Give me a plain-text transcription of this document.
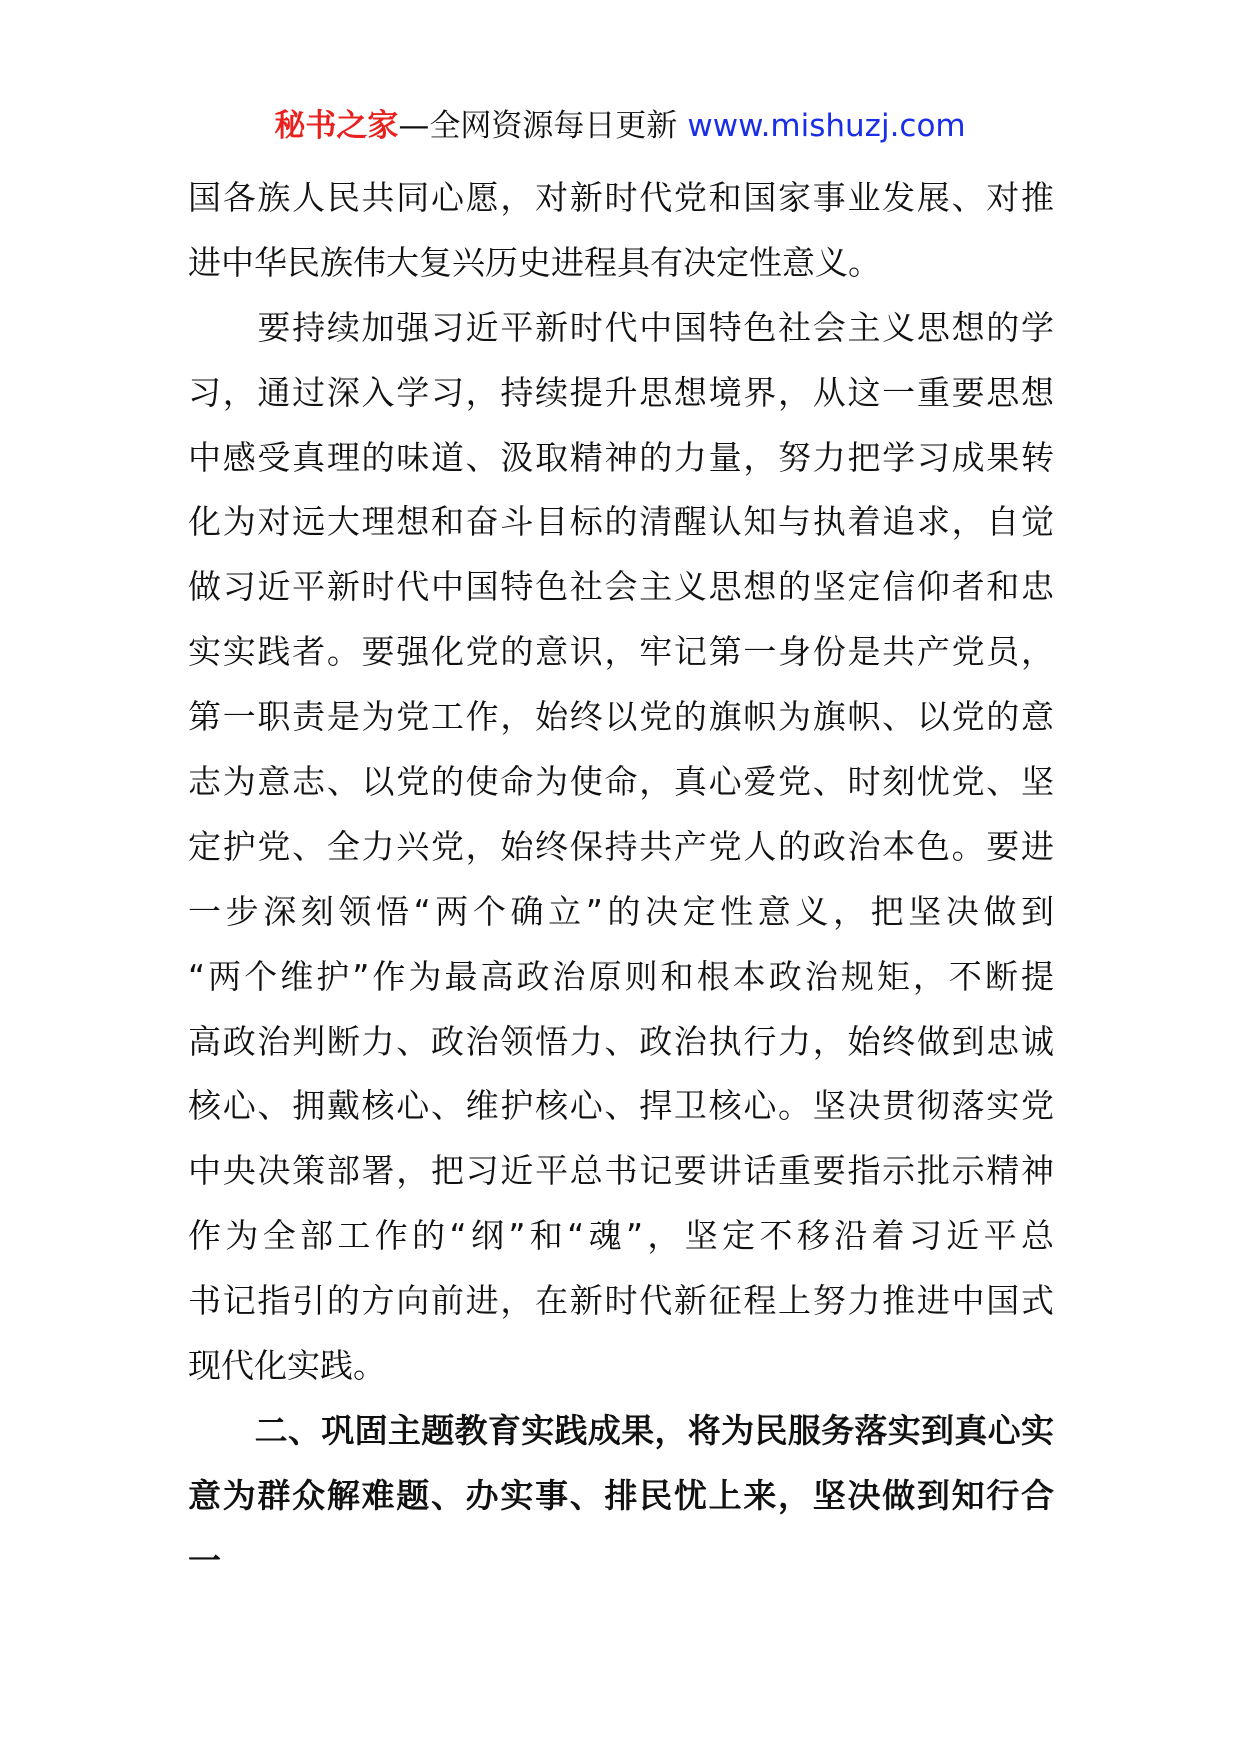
秘书之家—全网资源每日更新 www.mishuzj.com
国各族人民共同心愿，对新时代党和国家事业发展、对推
进中华民族伟大复兴历史进程具有决定性意义。
　　要持续加强习近平新时代中国特色社会主义思想的学
习，通过深入学习，持续提升思想境界，从这一重要思想
中感受真理的味道、汲取精神的力量，努力把学习成果转
化为对远大理想和奋斗目标的清醒认知与执着追求，自觉
做习近平新时代中国特色社会主义思想的坚定信仰者和忠
实实践者。要强化党的意识，牢记第一身份是共产党员，
第一职责是为党工作，始终以党的旗帜为旗帜、以党的意
志为意志、以党的使命为使命，真心爱党、时刻忧党、坚
定护党、全力兴党，始终保持共产党人的政治本色。要进
一步深刻领悟“两个确立”的决定性意义，把坚决做到
“两个维护”作为最高政治原则和根本政治规矩，不断提
高政治判断力、政治领悟力、政治执行力，始终做到忠诚
核心、拥戴核心、维护核心、捍卫核心。坚决贯彻落实党
中央决策部署，把习近平总书记要讲话重要指示批示精神
作为全部工作的“纲”和“魂”，坚定不移沿着习近平总
书记指引的方向前进，在新时代新征程上努力推进中国式
现代化实践。
　　二、巩固主题教育实践成果，将为民服务落实到真心实
意为群众解难题、办实事、排民忧上来，坚决做到知行合
一
